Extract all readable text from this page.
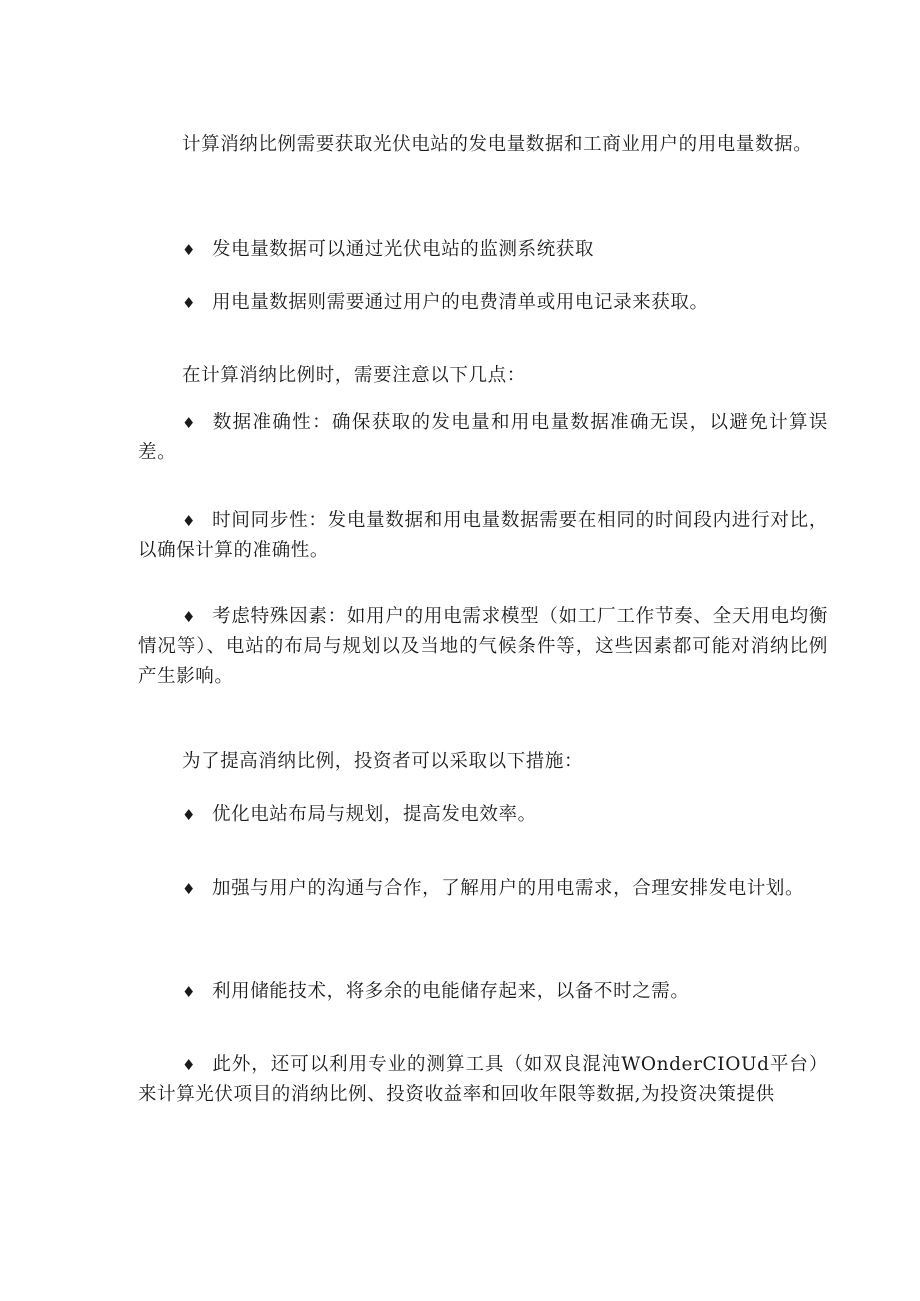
计算消纳比例需要获取光伏电站的发电量数据和工商业用户的用电量数据。

♦ 发电量数据可以通过光伏电站的监测系统获取

♦ 用电量数据则需要通过用户的电费清单或用电记录来获取。

在计算消纳比例时，需要注意以下几点：

♦ 数据准确性：确保获取的发电量和用电量数据准确无误，以避免计算误差。

♦ 时间同步性：发电量数据和用电量数据需要在相同的时间段内进行对比，以确保计算的准确性。

♦ 考虑特殊因素：如用户的用电需求模型（如工厂工作节奏、全天用电均衡情况等）、电站的布局与规划以及当地的气候条件等，这些因素都可能对消纳比例产生影响。

为了提高消纳比例，投资者可以采取以下措施：

♦ 优化电站布局与规划，提高发电效率。

♦ 加强与用户的沟通与合作，了解用户的用电需求，合理安排发电计划。

♦ 利用储能技术，将多余的电能储存起来，以备不时之需。

♦ 此外，还可以利用专业的测算工具（如双良混沌WOnderCIOUd平台）来计算光伏项目的消纳比例、投资收益率和回收年限等数据,为投资决策提供
